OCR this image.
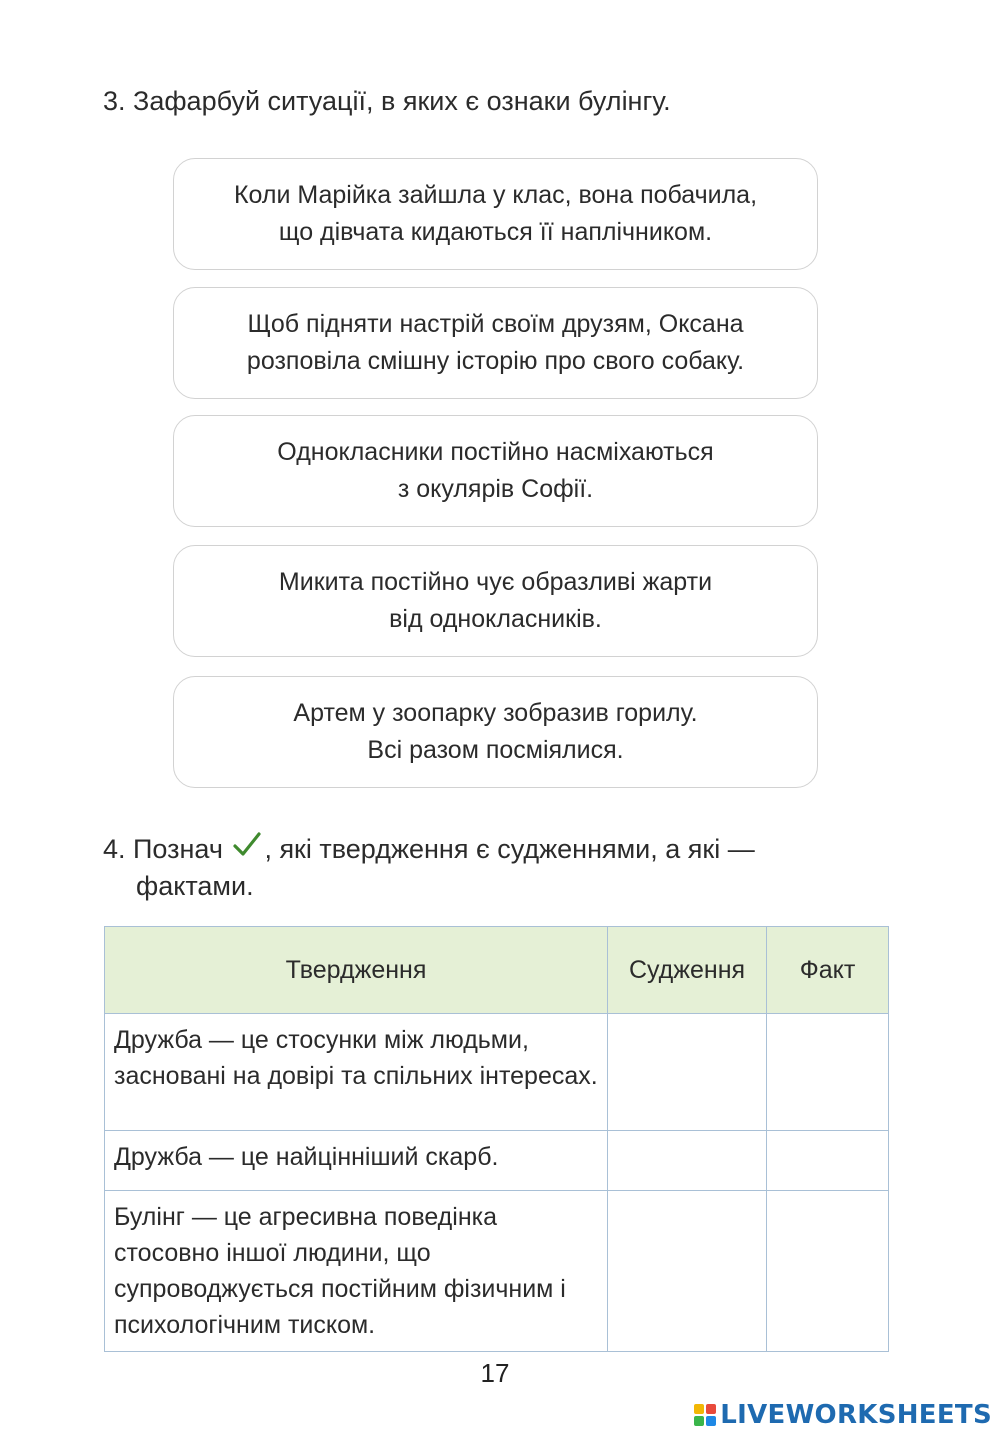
3. Зафарбуй ситуації, в яких є ознаки булінгу.
Коли Марійка зайшла у клас, вона побачила,
що дівчата кидаються її наплічником.
Щоб підняти настрій своїм друзям, Оксана
розповіла смішну історію про свого собаку.
Однокласники постійно насміхаються
з окулярів Софії.
Микита постійно чує образливі жарти
від однокласників.
Артем у зоопарку зобразив горилу.
Всі разом посміялися.
4. Познач , які твердження є судженнями, а які —
фактами.
Твердження	Судження	Факт
Дружба — це стосунки між людьми, засновані на довірі та спільних інтересах.		
Дружба — це найцінніший скарб.		
Булінг — це агресивна поведінка стосовно іншої людини, що супроводжується постійним фізичним і психологічним тиском.		
17
LIVEWORKSHEETS
